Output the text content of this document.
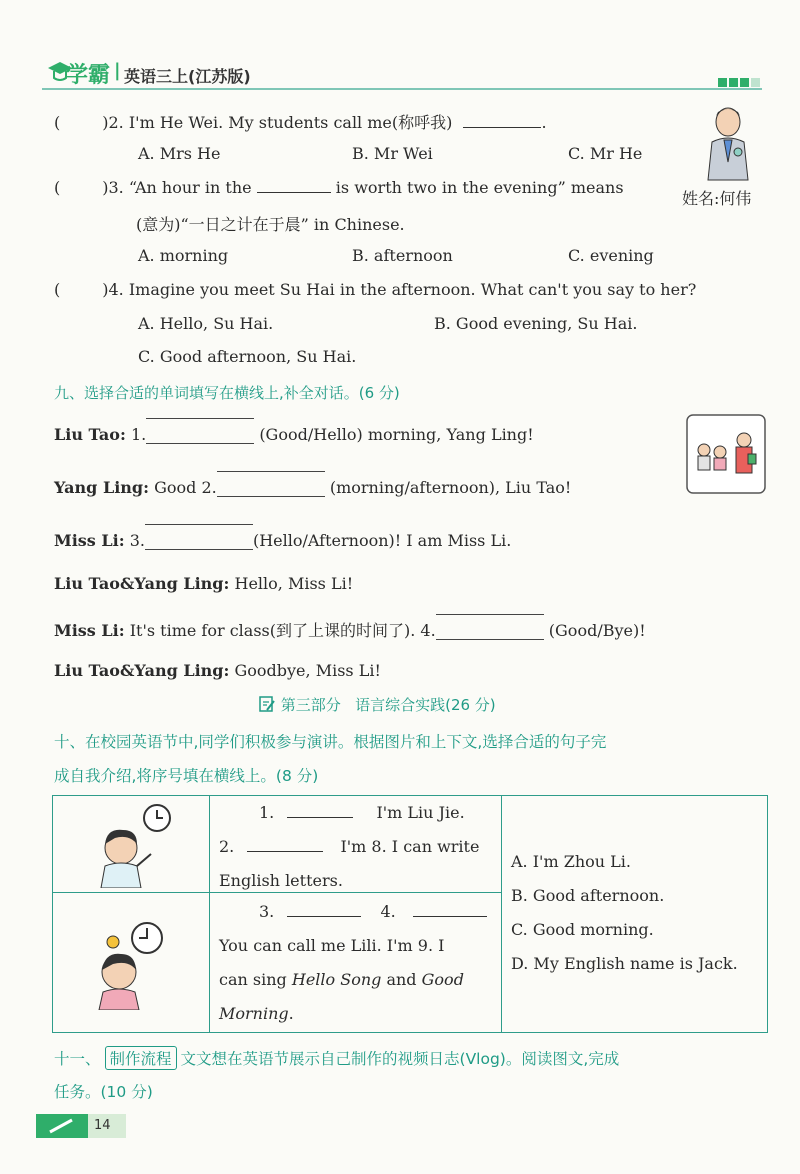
学霸 | 英语三上(江苏版)
(	)2. I'm He Wei. My students call me(称呼我)	.
A. Mrs He	B. Mr Wei	C. Mr He
姓名:何伟
(	)3. “An hour in the	is worth two in the evening” means
(意为)“一日之计在于晨” in Chinese.
A. morning	B. afternoon	C. evening
(	)4. Imagine you meet Su Hai in the afternoon. What can't you say to her?
A. Hello, Su Hai.	B. Good evening, Su Hai.
C. Good afternoon, Su Hai.
九、选择合适的单词填写在横线上,补全对话。(6 分)
Liu Tao: 1.	(Good/Hello) morning, Yang Ling!
Yang Ling: Good 2.	(morning/afternoon), Liu Tao!
Miss Li: 3.	(Hello/Afternoon)! I am Miss Li.
Liu Tao&Yang Ling: Hello, Miss Li!
Miss Li: It's time for class(到了上课的时间了). 4.	(Good/Bye)!
Liu Tao&Yang Ling: Goodbye, Miss Li!
第三部分   语言综合实践(26 分)
十、在校园英语节中,同学们积极参与演讲。根据图片和上下文,选择合适的句子完
成自我介绍,将序号填在横线上。(8 分)
1.	I'm Liu Jie.
2.	I'm 8. I can write
English letters.
3.	4.
You can call me Lili. I'm 9. I
can sing Hello Song and Good
Morning.
A. I'm Zhou Li.
B. Good afternoon.
C. Good morning.
D. My English name is Jack.
十一、 制作流程 文文想在英语节展示自己制作的视频日志(Vlog)。阅读图文,完成
任务。(10 分)
14
